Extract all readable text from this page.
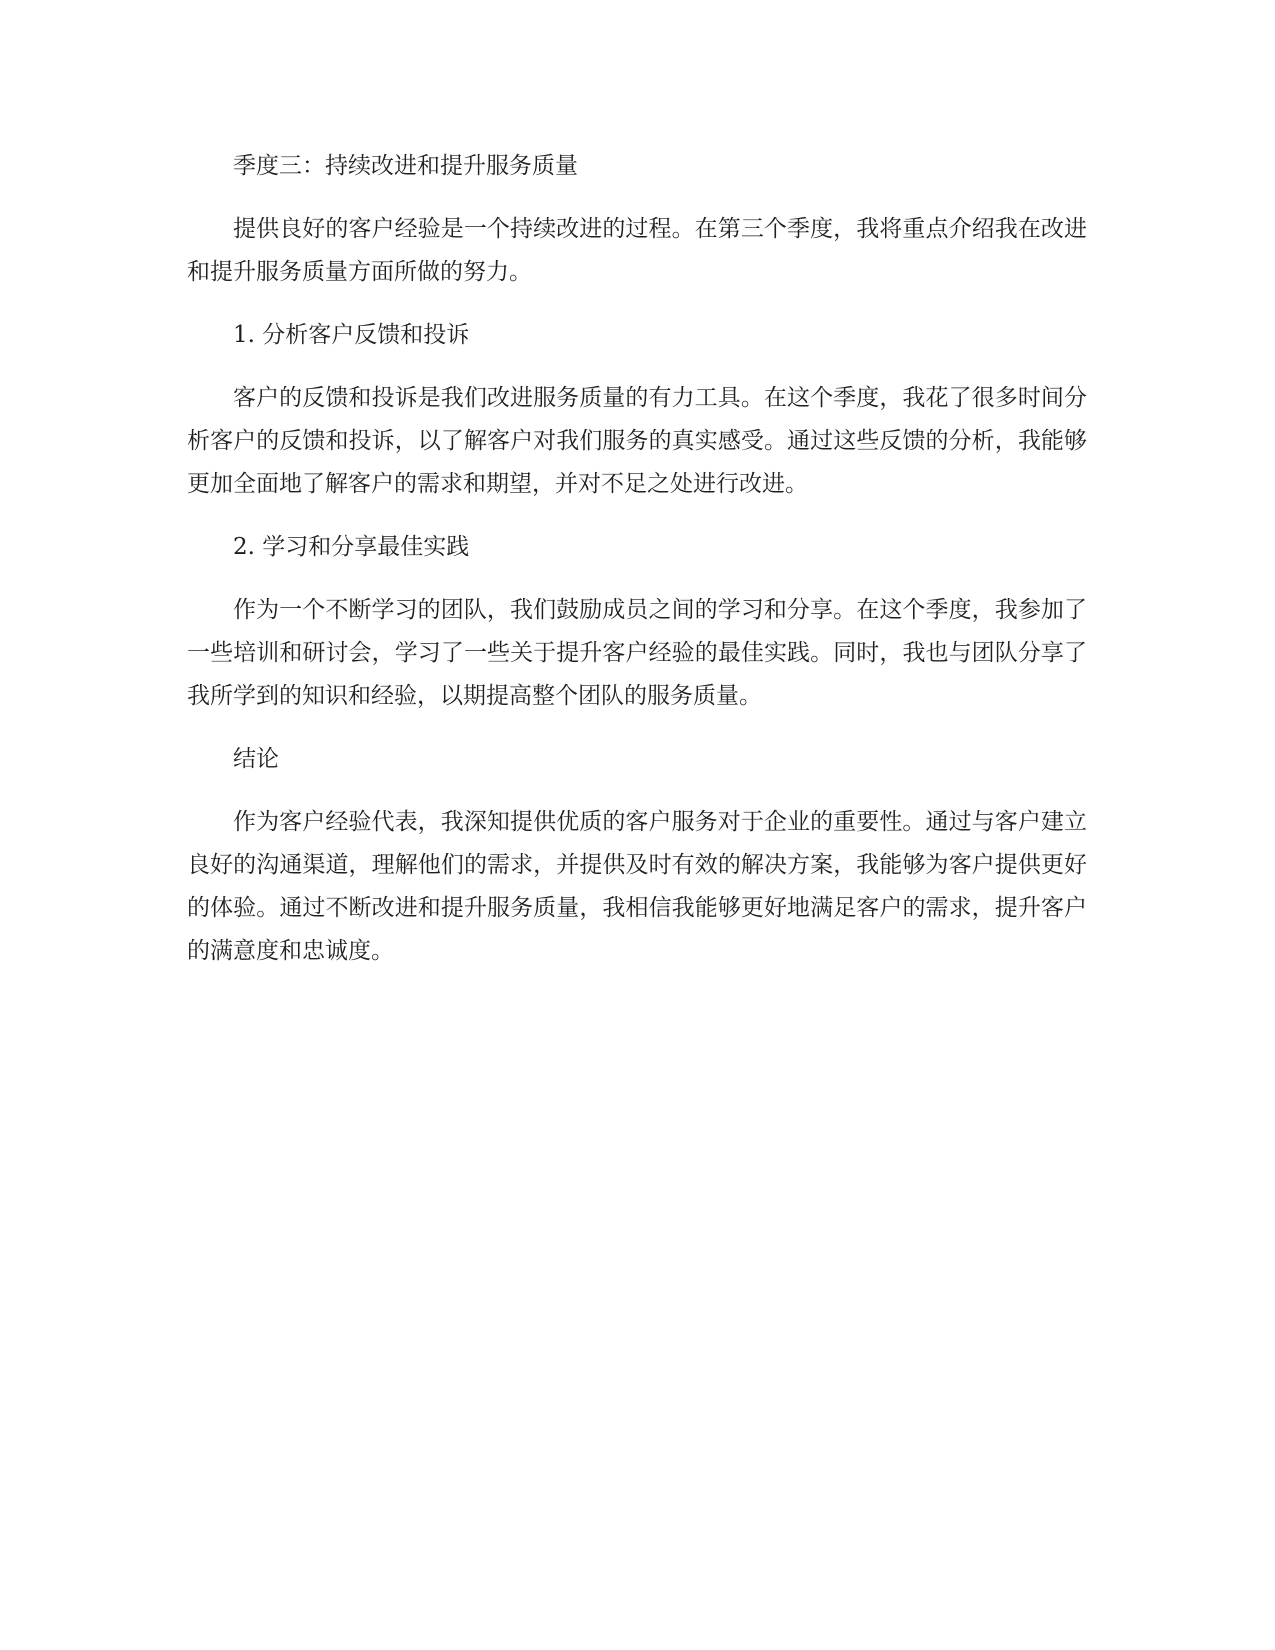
季度三：持续改进和提升服务质量

提供良好的客户经验是一个持续改进的过程。在第三个季度，我将重点介绍我在改进和提升服务质量方面所做的努力。

1. 分析客户反馈和投诉

客户的反馈和投诉是我们改进服务质量的有力工具。在这个季度，我花了很多时间分析客户的反馈和投诉，以了解客户对我们服务的真实感受。通过这些反馈的分析，我能够更加全面地了解客户的需求和期望，并对不足之处进行改进。

2. 学习和分享最佳实践

作为一个不断学习的团队，我们鼓励成员之间的学习和分享。在这个季度，我参加了一些培训和研讨会，学习了一些关于提升客户经验的最佳实践。同时，我也与团队分享了我所学到的知识和经验，以期提高整个团队的服务质量。

结论

作为客户经验代表，我深知提供优质的客户服务对于企业的重要性。通过与客户建立良好的沟通渠道，理解他们的需求，并提供及时有效的解决方案，我能够为客户提供更好的体验。通过不断改进和提升服务质量，我相信我能够更好地满足客户的需求，提升客户的满意度和忠诚度。
